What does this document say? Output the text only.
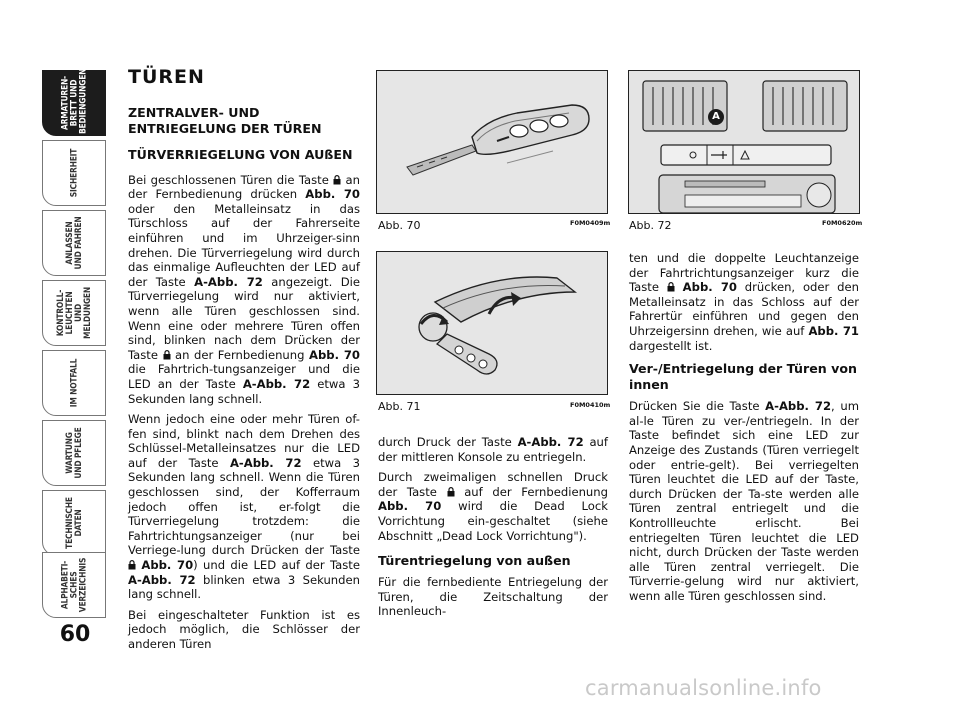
ARMATUREN-
BRETT UND
BEDIENGUNGEN
SICHERHEIT
ANLASSEN
UND FAHREN
KONTROLL-
LEUCHTEN UND
MELDUNGEN
IM NOTFALL
WARTUNG
UND PFLEGE
TECHNISCHE
DATEN
ALPHABETI-
SCHES
VERZEICHNIS
60
TÜREN
ZENTRALVER- UND ENTRIEGELUNG DER TÜREN
TÜRVERRIEGELUNG VON AUßEN

Bei geschlossenen Türen die Taste  an der Fernbedienung drücken Abb. 70 oder den Metalleinsatz in das Türschloss auf der Fahrerseite einführen und im Uhrzeiger-sinn drehen. Die Türverriegelung wird durch das einmalige Aufleuchten der LED auf der Taste A-Abb. 72 angezeigt. Die Türverriegelung wird nur aktiviert, wenn alle Türen geschlossen sind. Wenn eine oder mehrere Türen offen sind, blinken nach dem Drücken der Taste  an der Fernbedienung Abb. 70 die Fahrtrich-tungsanzeiger und die LED an der Taste A-Abb. 72 etwa 3 Sekunden lang schnell.

Wenn jedoch eine oder mehr Türen of-fen sind, blinkt nach dem Drehen des Schlüssel-Metalleinsatzes nur die LED auf der Taste A-Abb. 72 etwa 3 Sekunden lang schnell. Wenn die Türen geschlossen sind, der Kofferraum jedoch offen ist, er-folgt die Türverriegelung trotzdem: die Fahrtrichtungsanzeiger (nur bei Verriege-lung durch Drücken der Taste  Abb. 70) und die LED auf der Taste A-Abb. 72 blinken etwa 3 Sekunden lang schnell.

Bei eingeschalteter Funktion ist es jedoch möglich, die Schlösser der anderen Türen

Abb. 70	F0M0409m
Abb. 71	F0M0410m

durch Druck der Taste A-Abb. 72 auf der mittleren Konsole zu entriegeln.

Durch zweimaligen schnellen Druck der Taste  auf der Fernbedienung Abb. 70 wird die Dead Lock Vorrichtung ein-geschaltet (siehe Abschnitt „Dead Lock Vorrichtung").

Türentriegelung von außen

Für die fernbediente Entriegelung der Türen, die Zeitschaltung der Innenleuch-

A
Abb. 72	F0M0620m

ten und die doppelte Leuchtanzeige der Fahrtrichtungsanzeiger kurz die Taste  Abb. 70 drücken, oder den Metalleinsatz in das Schloss auf der Fahrertür einführen und gegen den Uhrzeigersinn drehen, wie auf Abb. 71 dargestellt ist.

Ver-/Entriegelung der Türen von innen

Drücken Sie die Taste A-Abb. 72, um al-le Türen zu ver-/entriegeln. In der Taste befindet sich eine LED zur Anzeige des Zustands (Türen verriegelt oder entrie-gelt). Bei verriegelten Türen leuchtet die LED auf der Taste, durch Drücken der Ta-ste werden alle Türen zentral entriegelt und die Kontrollleuchte erlischt. Bei entriegelten Türen leuchtet die LED nicht, durch Drücken der Taste werden alle Türen zentral verriegelt. Die Türverrie-gelung wird nur aktiviert, wenn alle Türen geschlossen sind.

carmanualsonline.info
